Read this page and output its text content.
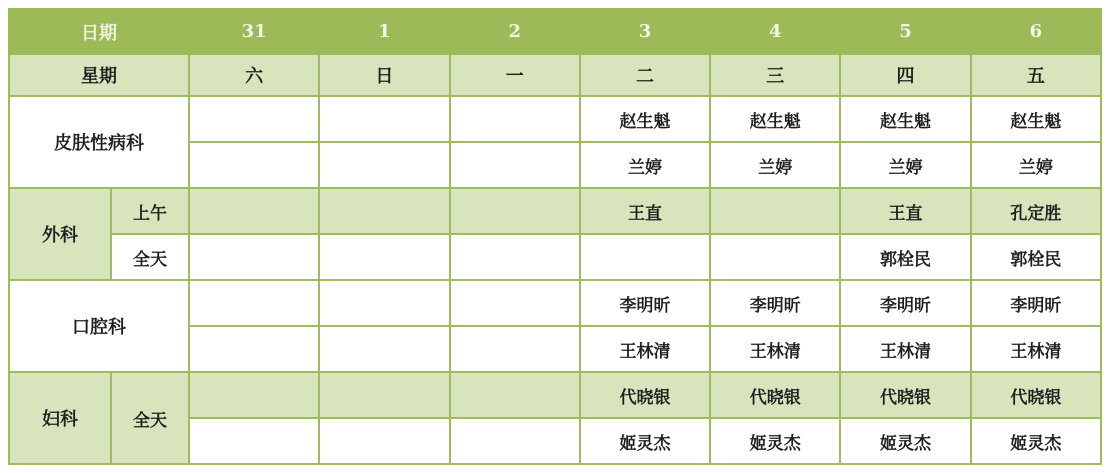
日期		31	1	2	3	4	5	6
星期		六	日	一	二	三	四	五
皮肤性病科					赵生魁	赵生魁	赵生魁	赵生魁
					兰婷	兰婷	兰婷	兰婷
外科	上午				王直		王直	孔定胜
	全天						郭栓民	郭栓民
口腔科					李明昕	李明昕	李明昕	李明昕
					王林清	王林清	王林清	王林清
妇科	全天				代晓银	代晓银	代晓银	代晓银
					姬灵杰	姬灵杰	姬灵杰	姬灵杰
